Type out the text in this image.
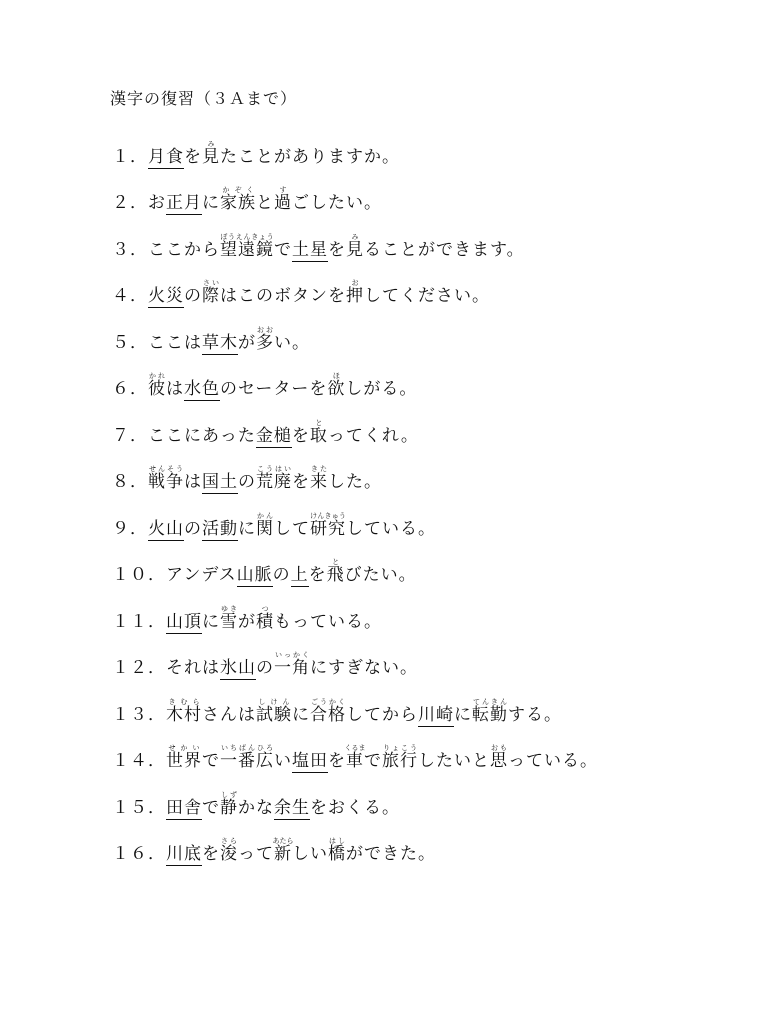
漢字の復習（３Ａまで）
１． 月食を見みたことがありますか。
２． お正月に家族かぞくと過すごしたい。
３． ここから望遠鏡ぼうえんきょうで土星を見みることができます。
４． 火災の際さいはこのボタンを押おしてください。
５． ここは草木が多おおい。
６． 彼かれは水色のセーターを欲ほしがる。
７． ここにあった金槌を取とってくれ。
８． 戦争せんそうは国土の荒廃こうはいを来きたした。
９． 火山の活動に関かんして研究けんきゅうしている。
１０． アンデス山脈の上を飛とびたい。
１１． 山頂に雪ゆきが積つもっている。
１２． それは氷山の一角いっかくにすぎない。
１３． 木村きむらさんは試験しけんに合格ごうかくしてから川崎に転勤てんきんする。
１４． 世界せかいで一番広いちばんひろい塩田を車くるまで旅行りょこうしたいと思おもっている。
１５． 田舎で静しずかな余生をおくる。
１６． 川底を浚さらって新あたらしい橋はしができた。
